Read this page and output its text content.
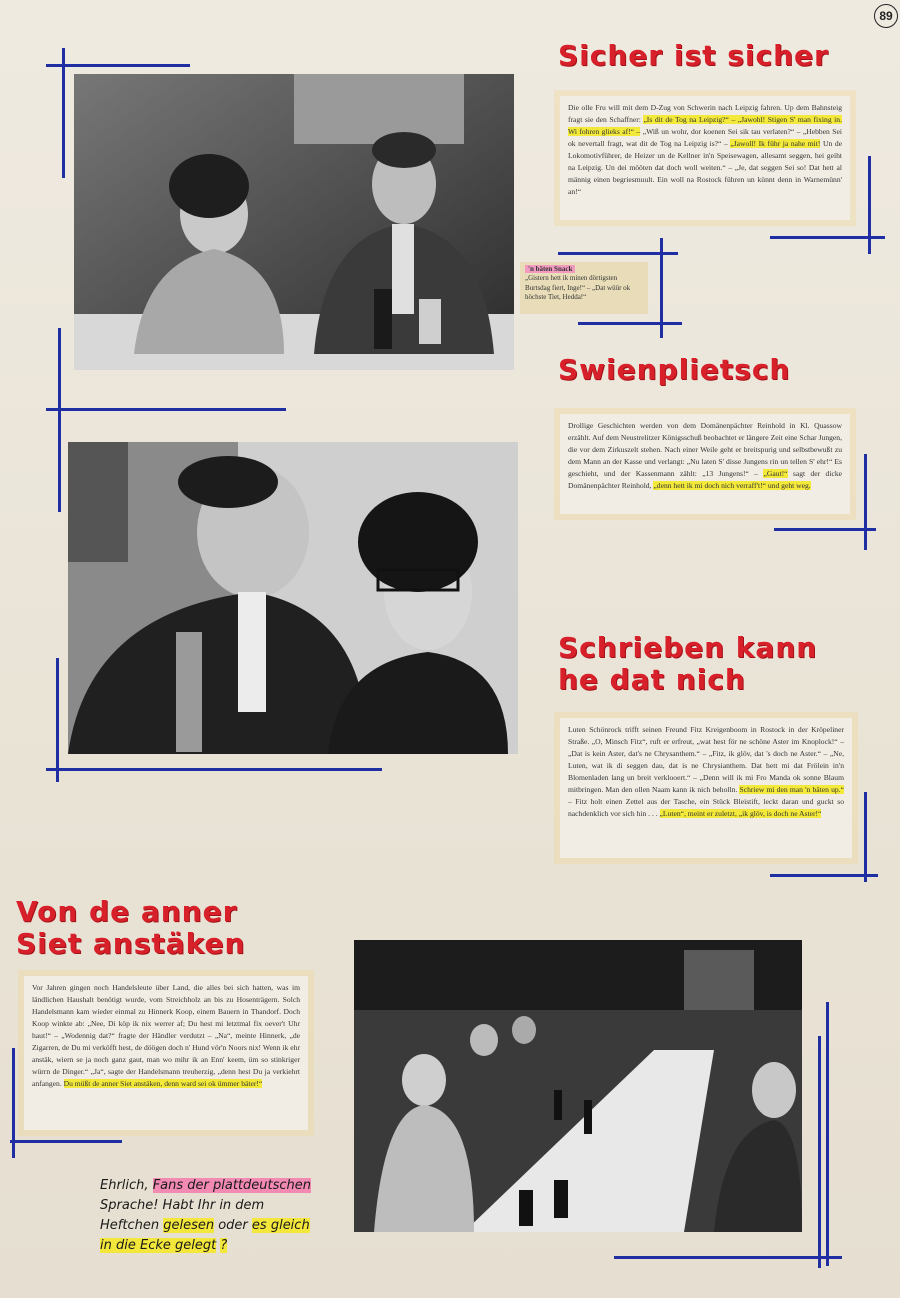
89
Sicher ist sicher

Die olle Fru will mit dem D-Zug von Schwerin nach Leipzig fahren. Up dem Bahnsteig fragt sie den Schaffner: „Is dit de Tog na Leipzig?“ – „Jawohl! Stigen S' man fixing in. Wi fohren glieks af!“ – „Wiß un wohr, dor koenen Sei sik tau verlaten?“ – „Hebben Sei ok nevertall fragt, wat dit de Tog na Leipzig is?“ – „Jawoll! Ik führ ja nahe mit! Un de Lokomotivführer, de Heizer un de Kellner in'n Speisewagen, allesamt seggen, hei geiht na Leipzig. Un dei mööten dat doch woll weiten.“ – „Je, dat seggen Sei so! Dat hett al männig einen begriesmuult. Ein woll na Rostock führen un künnt denn in Warnemünn' an!“

'n bäten Snack
„Gistern hett ik minen dörtigsten Burtsdag fiert, Inge!“ – „Dat wüür ok höchste Tiet, Hedda!“
Swienplietsch

Drollige Geschichten werden von dem Domänenpächter Reinhold in Kl. Quassow erzählt. Auf dem Neustrelitzer Königsschuß beobachtet er längere Zeit eine Schar Jungen, die vor dem Zirkuszelt stehen. Nach einer Weile geht er breitspurig und selbstbewußt zu dem Mann an der Kasse und verlangt: „Nu laten S' disse Jungens rin un tellen S' ehr!“ Es geschieht, und der Kassenmann zählt: „13 Jungens!“ – „Gaut!“ sagt der dicke Domänenpächter Reinhold, „denn hett ik mi doch nich verraff't!“ und geht weg.

Schrieben kann
he dat nich

Luten Schönrock trifft seinen Freund Fitz Kreigenboom in Rostock in der Kröpeliner Straße. „O, Minsch Fitz“, ruft er erfreut, „wat hest för ne schöne Aster im Knoplock!“ – „Dat is kein Aster, dat's ne Chrysanthem.“ – „Fitz, ik glöv, dat 's doch ne Aster.“ – „Ne, Luten, wat ik di seggen dau, dat is ne Chrysianthem. Dat hett mi dat Frölein in'n Blomenladen lang un breit verklooert.“ – „Denn will ik mi Fro Manda ok sonne Blaum mitbringen. Man den ollen Naam kann ik nich beholln. Schriew mi den man 'n bäten up.“ – Fitz holt einen Zettel aus der Tasche, ein Stück Bleistift, leckt daran und guckt so nachdenklich vor sich hin . . . „Luten“, meint er zuletzt, „ik glöv, is doch ne Aster!“

Von de anner
Siet anstäken

Vor Jahren gingen noch Handelsleute über Land, die alles bei sich hatten, was im ländlichen Haushalt benötigt wurde, vom Streichholz an bis zu Hosenträgern. Solch Handelsmann kam wieder einmal zu Hinnerk Koop, einem Bauern in Thandorf. Doch Koop winkte ab: „Nee, Di köp ik nix werrer af; Du hest mi letztmal fix oever't Uhr haut!“ – „Wodennig dat?“ fragte der Händler verdutzt – „Na“, meinte Hinnerk, „de Zigarren, de Du mi verköfft hest, de döögen doch n' Hund vör'n Noors nix! Wenn ik ehr anstäk, wiern se ja noch ganz gaut, man wo mihr ik an Enn' keem, üm so stinkriger würrn de Dinger.“ „Ja“, sagte der Handelsmann treuherzig, „denn hest Du ja verkiehrt anfangen. Du müßt de anner Siet anstäken, denn ward sei ok ümmer bäter!“

Ehrlich, Fans der plattdeutschen
Sprache! Habt Ihr in dem
Heftchen gelesen oder es gleich
in die Ecke gelegt ?
